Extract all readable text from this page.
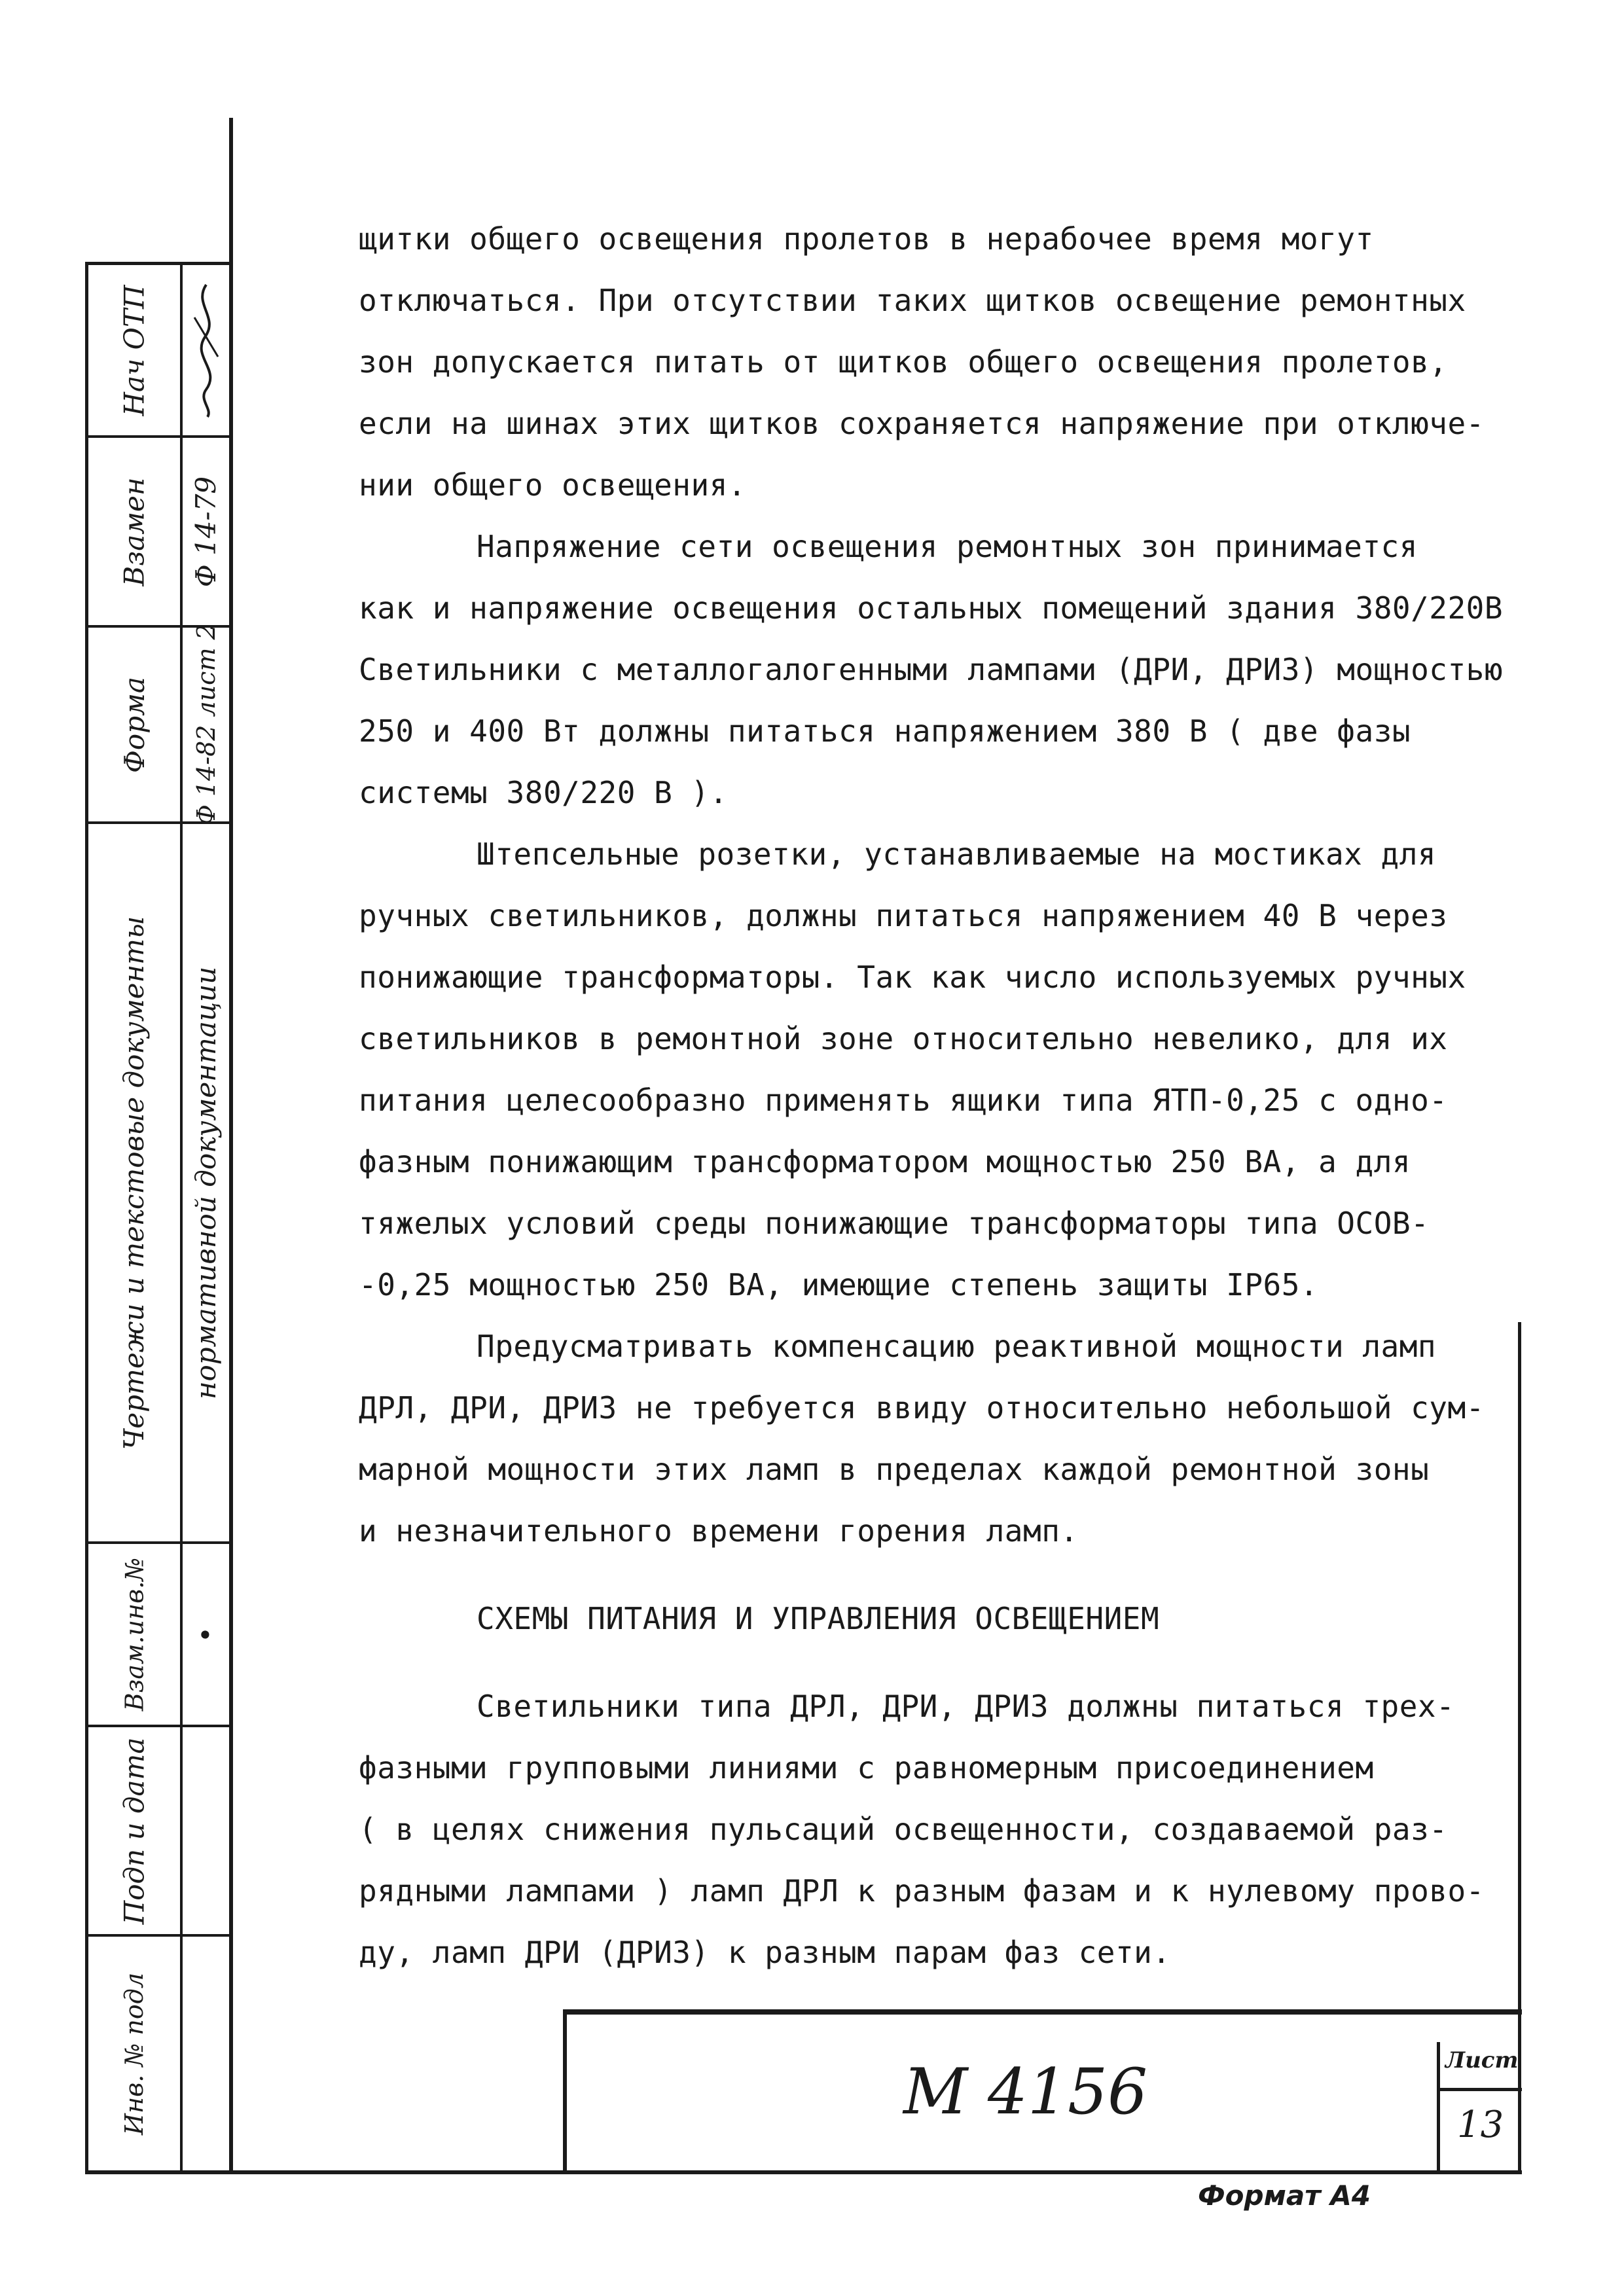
Нач ОТП
Взамен
Форма
Чертежи и текстовые документы
Взам.инв.№
Подп и дата
Инв. № подл
Ф 14-79
Ф 14-82 лист 2
нормативной документации
•

щитки общего освещения пролетов в нерабочее время могут
отключаться. При отсутствии таких щитков освещение ремонтных
зон допускается питать от щитков общего освещения пролетов,
если на шинах этих щитков сохраняется напряжение при отключе-
нии общего освещения.

Напряжение сети освещения ремонтных зон принимается
как и напряжение освещения остальных помещений здания 380/220В
Светильники с металлогалогенными лампами (ДРИ, ДРИЗ) мощностью
250 и 400 Вт должны питаться напряжением 380 В ( две фазы
системы 380/220 В ).

Штепсельные розетки, устанавливаемые на мостиках для
ручных светильников, должны питаться напряжением 40 В через
понижающие трансформаторы. Так как число используемых ручных
светильников в ремонтной зоне относительно невелико, для их
питания целесообразно применять ящики типа ЯТП-0,25 с одно-
фазным понижающим трансформатором мощностью 250 ВА, а для
тяжелых условий среды понижающие трансформаторы типа ОСОВ-
-0,25 мощностью 250 ВА, имеющие степень защиты IP65.

Предусматривать компенсацию реактивной мощности ламп
ДРЛ, ДРИ, ДРИЗ не требуется ввиду относительно небольшой сум-
марной мощности этих ламп в пределах каждой ремонтной зоны
и незначительного времени горения ламп.

СХЕМЫ ПИТАНИЯ И УПРАВЛЕНИЯ ОСВЕЩЕНИЕМ

Светильники типа ДРЛ, ДРИ, ДРИЗ должны питаться трех-
фазными групповыми линиями с равномерным присоединением
( в целях снижения пульсаций освещенности, создаваемой раз-
рядными лампами ) ламп ДРЛ к разным фазам и к нулевому прово-
ду, ламп ДРИ (ДРИЗ) к разным парам фаз сети.

М 4156	Лист
13
Формат А4
